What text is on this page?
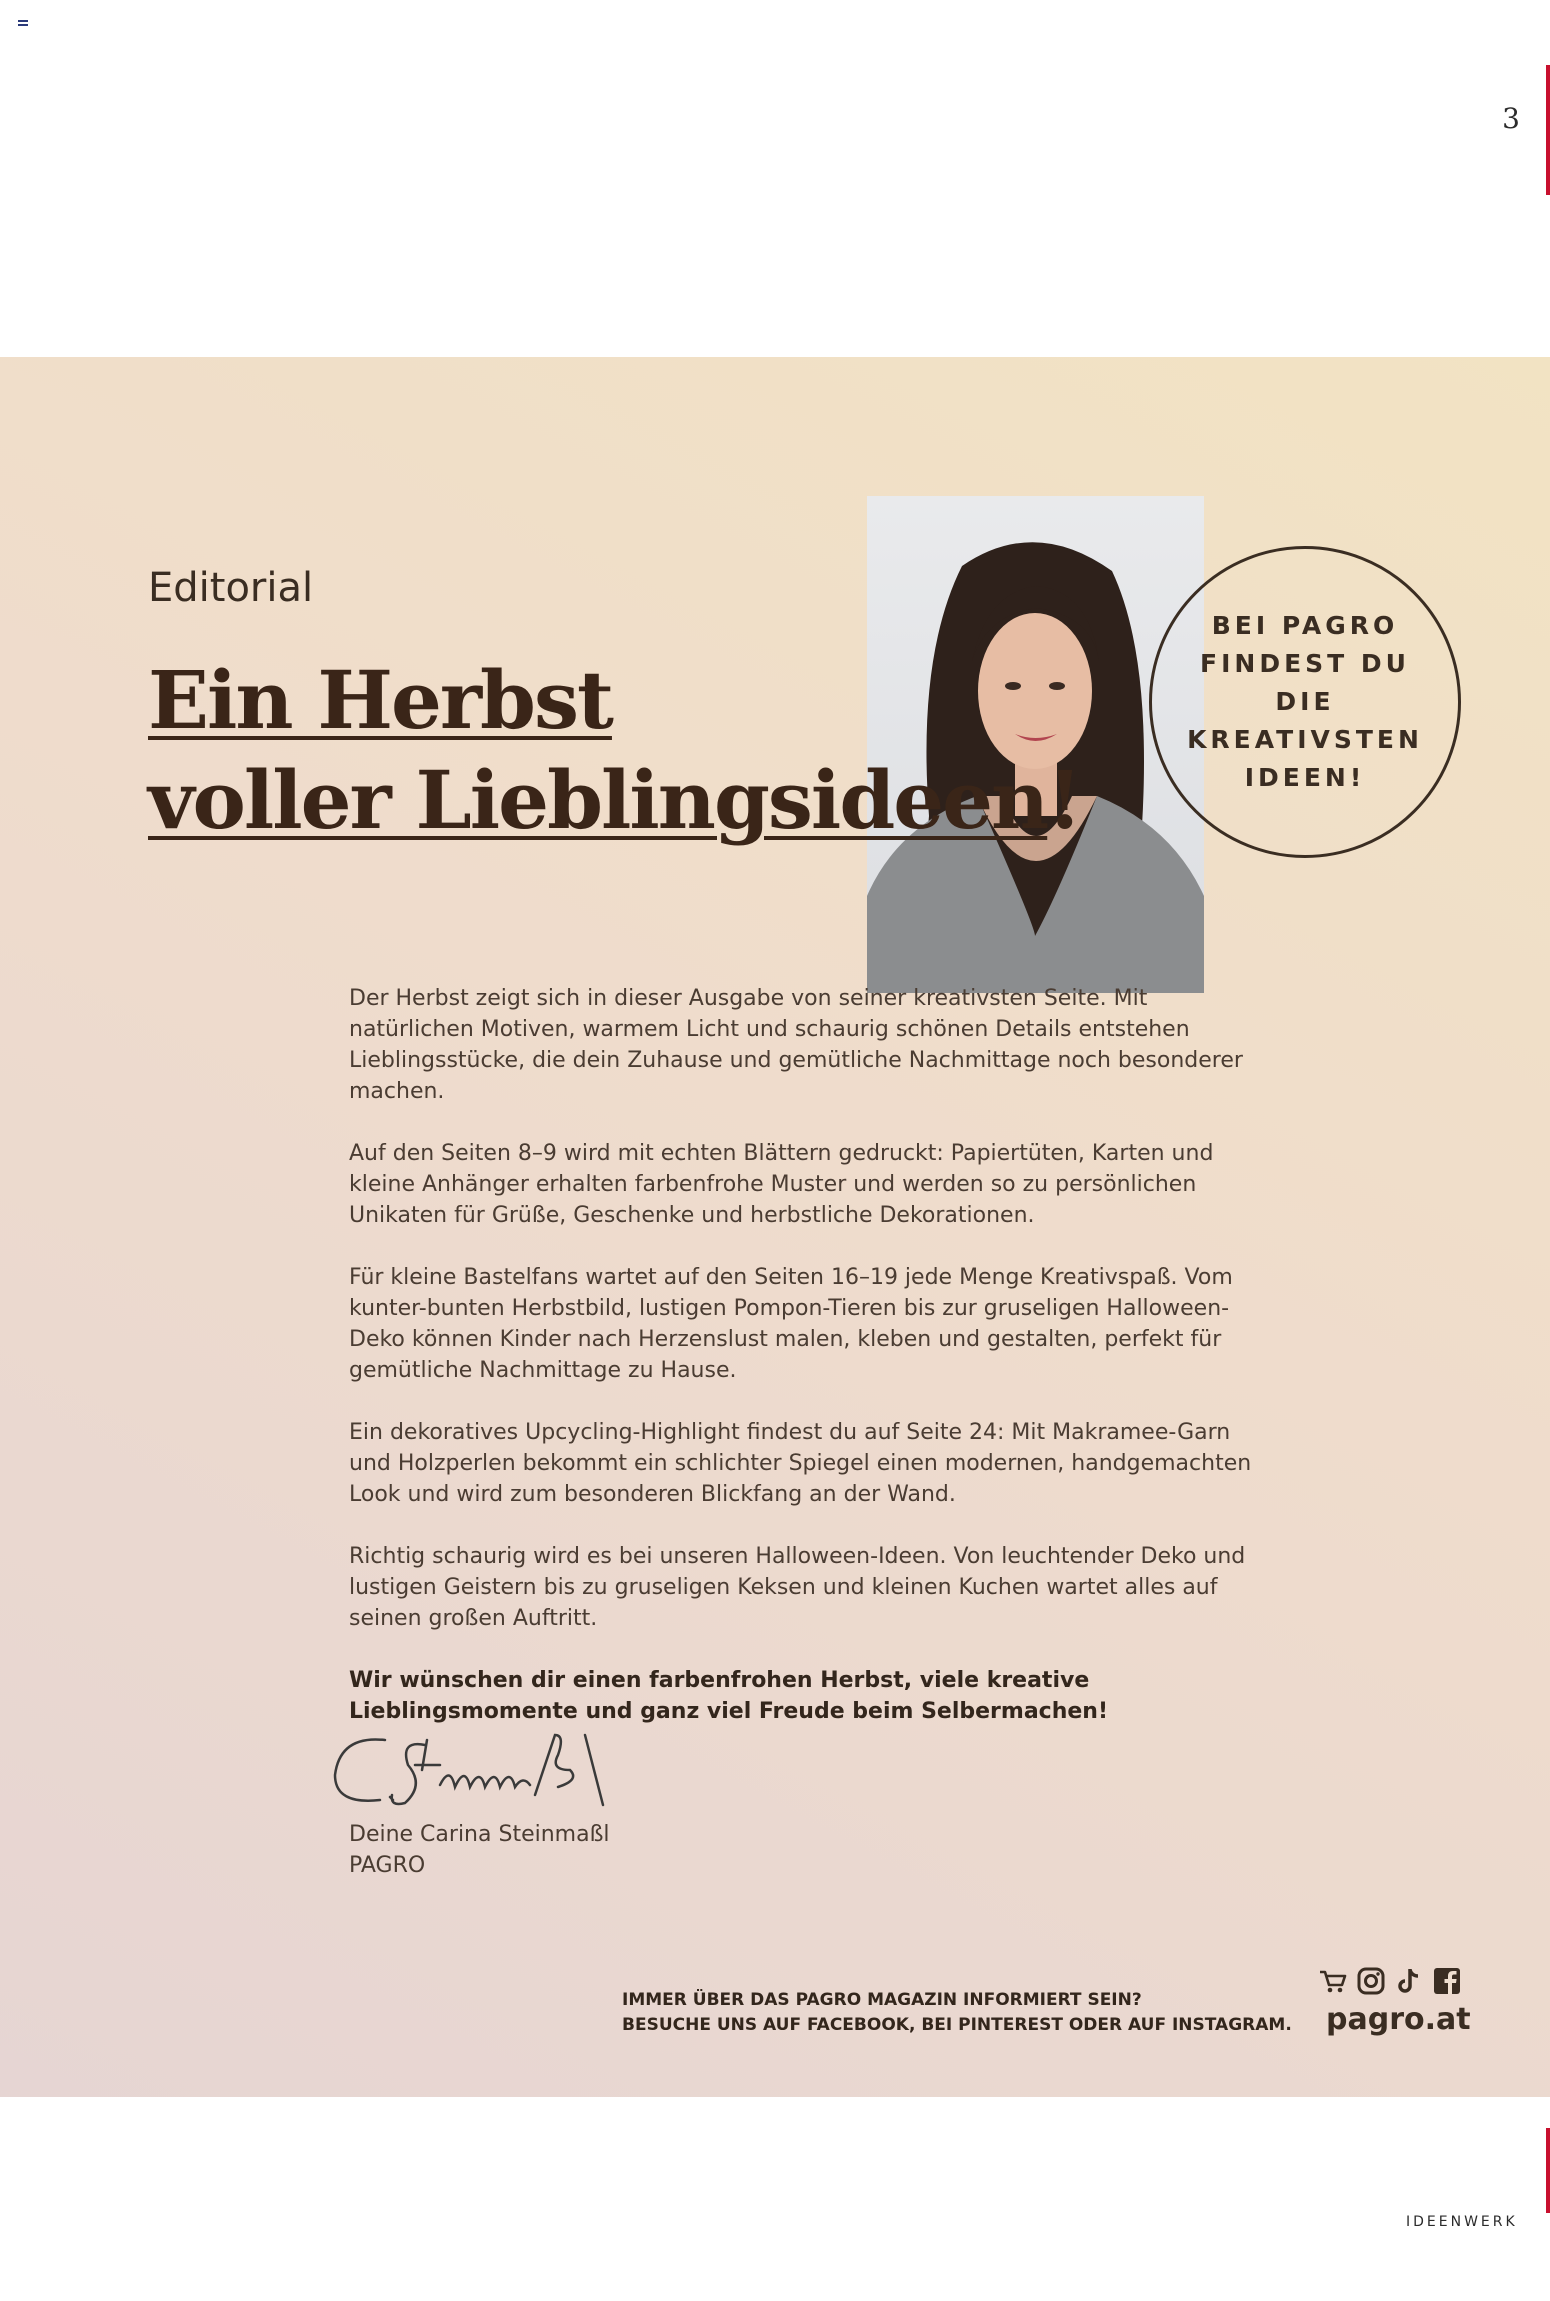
3
BEI PAGRO
FINDEST DU DIE
KREATIVSTEN
IDEEN!
Editorial
Ein Herbst
voller Lieblingsideen!

Der Herbst zeigt sich in dieser Ausgabe von seiner kreativsten Seite. Mit natürlichen Motiven, warmem Licht und schaurig schönen Details entstehen Lieblingsstücke, die dein Zuhause und gemütliche Nachmittage noch besonderer machen.

Auf den Seiten 8–9 wird mit echten Blättern gedruckt: Papiertüten, Karten und kleine Anhänger erhalten farbenfrohe Muster und werden so zu persönlichen Unikaten für Grüße, Geschenke und herbstliche Dekorationen.

Für kleine Bastelfans wartet auf den Seiten 16–19 jede Menge Kreativspaß. Vom kunter-bunten Herbstbild, lustigen Pompon-Tieren bis zur gruseligen Halloween-Deko können Kinder nach Herzenslust malen, kleben und gestalten, perfekt für gemütliche Nachmittage zu Hause.

Ein dekoratives Upcycling-Highlight findest du auf Seite 24: Mit Makramee-Garn und Holzperlen bekommt ein schlichter Spiegel einen modernen, handgemachten Look und wird zum besonderen Blickfang an der Wand.

Richtig schaurig wird es bei unseren Halloween-Ideen. Von leuchtender Deko und lustigen Geistern bis zu gruseligen Keksen und kleinen Kuchen wartet alles auf seinen großen Auftritt.

Wir wünschen dir einen farbenfrohen Herbst, viele kreative Lieblingsmomente und ganz viel Freude beim Selbermachen!

Deine Carina Steinmaßl
PAGRO
IMMER ÜBER DAS PAGRO MAGAZIN INFORMIERT SEIN?
BESUCHE UNS AUF FACEBOOK, BEI PINTEREST ODER AUF INSTAGRAM. pagro.at
IDEENWERK
